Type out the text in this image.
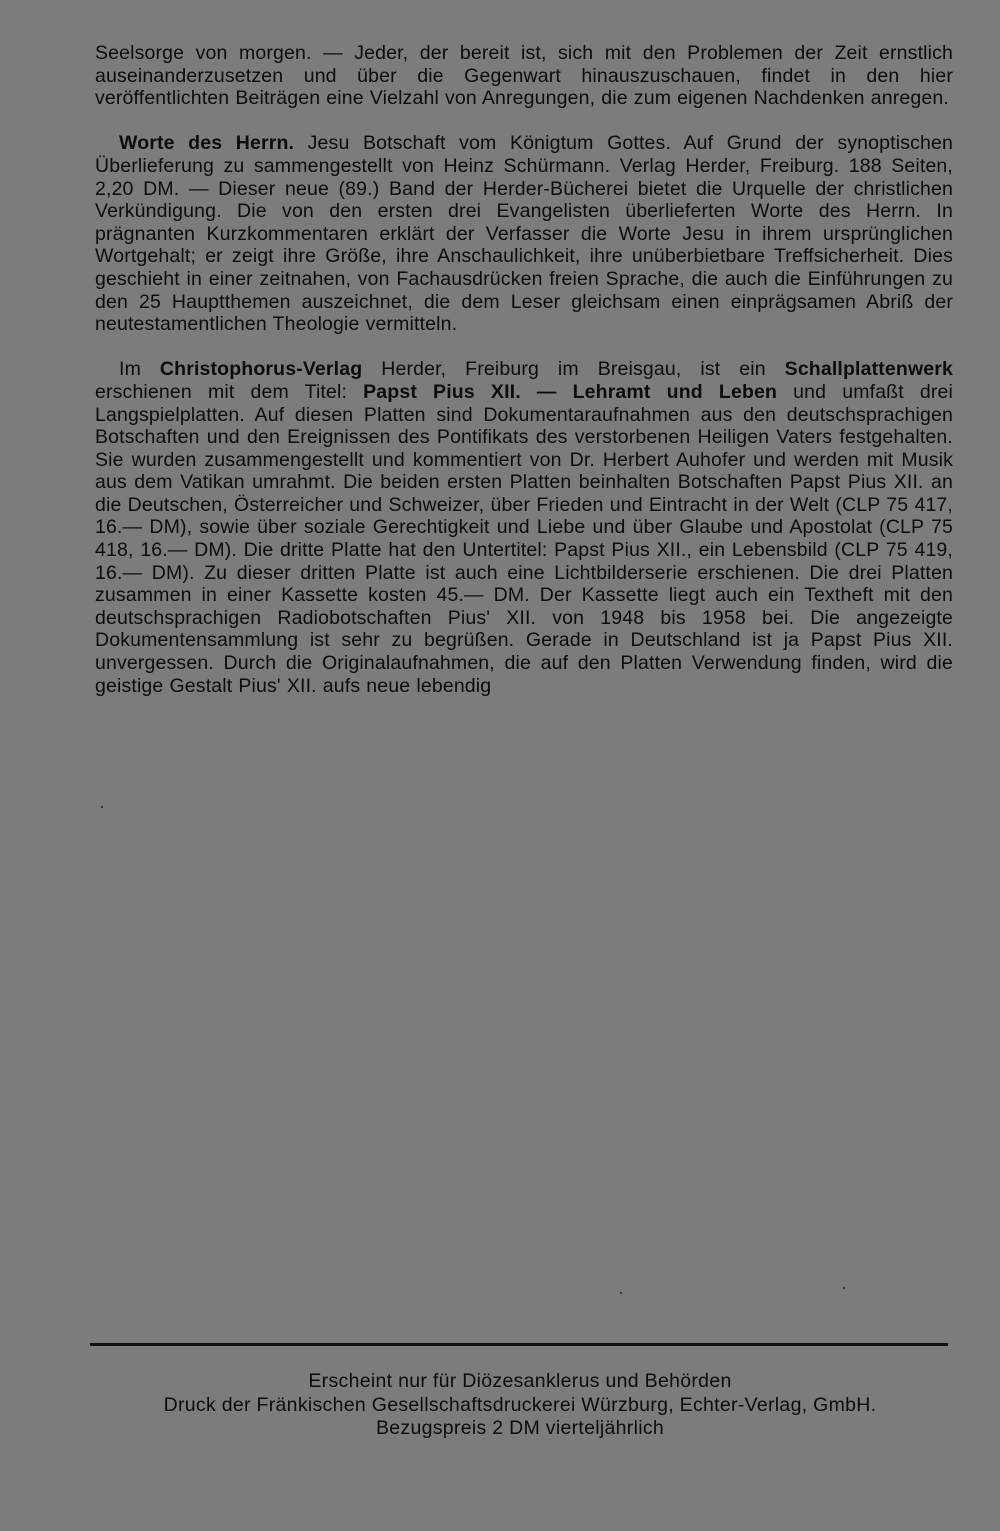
Seelsorge von morgen. — Jeder, der bereit ist, sich mit den Problemen der Zeit ernstlich auseinanderzusetzen und über die Gegenwart hinauszuschauen, findet in den hier veröffentlichten Beiträgen eine Vielzahl von Anregungen, die zum eigenen Nachdenken anregen.

Worte des Herrn. Jesu Botschaft vom Königtum Gottes. Auf Grund der synoptischen Überlieferung zu sammengestellt von Heinz Schürmann. Verlag Herder, Freiburg. 188 Seiten, 2,20 DM. — Dieser neue (89.) Band der Herder-Bücherei bietet die Urquelle der christlichen Verkündigung. Die von den ersten drei Evangelisten überlieferten Worte des Herrn. In prägnanten Kurzkommentaren erklärt der Verfasser die Worte Jesu in ihrem ursprünglichen Wortgehalt; er zeigt ihre Größe, ihre Anschaulichkeit, ihre unüberbietbare Treffsicherheit. Dies geschieht in einer zeitnahen, von Fachausdrücken freien Sprache, die auch die Einführungen zu den 25 Hauptthemen auszeichnet, die dem Leser gleichsam einen einprägsamen Abriß der neutestamentlichen Theologie vermitteln.

Im Christophorus-Verlag Herder, Freiburg im Breisgau, ist ein Schallplattenwerk erschienen mit dem Titel: Papst Pius XII. — Lehramt und Leben und umfaßt drei Langspielplatten. Auf diesen Platten sind Dokumentaraufnahmen aus den deutschsprachigen Botschaften und den Ereignissen des Pontifikats des verstorbenen Heiligen Vaters festgehalten. Sie wurden zusammengestellt und kommentiert von Dr. Herbert Auhofer und werden mit Musik aus dem Vatikan umrahmt. Die beiden ersten Platten beinhalten Botschaften Papst Pius XII. an die Deutschen, Österreicher und Schweizer, über Frieden und Eintracht in der Welt (CLP 75 417, 16.— DM), sowie über soziale Gerechtigkeit und Liebe und über Glaube und Apostolat (CLP 75 418, 16.— DM). Die dritte Platte hat den Untertitel: Papst Pius XII., ein Lebensbild (CLP 75 419, 16.— DM). Zu dieser dritten Platte ist auch eine Lichtbilderserie erschienen. Die drei Platten zusammen in einer Kassette kosten 45.— DM. Der Kassette liegt auch ein Textheft mit den deutschsprachigen Radiobotschaften Pius' XII. von 1948 bis 1958 bei. Die angezeigte Dokumentensammlung ist sehr zu begrüßen. Gerade in Deutschland ist ja Papst Pius XII. unvergessen. Durch die Originalaufnahmen, die auf den Platten Verwendung finden, wird die geistige Gestalt Pius' XII. aufs neue lebendig

Erscheint nur für Diözesanklerus und Behörden
Druck der Fränkischen Gesellschaftsdruckerei Würzburg, Echter-Verlag, GmbH.
Bezugspreis 2 DM vierteljährlich
